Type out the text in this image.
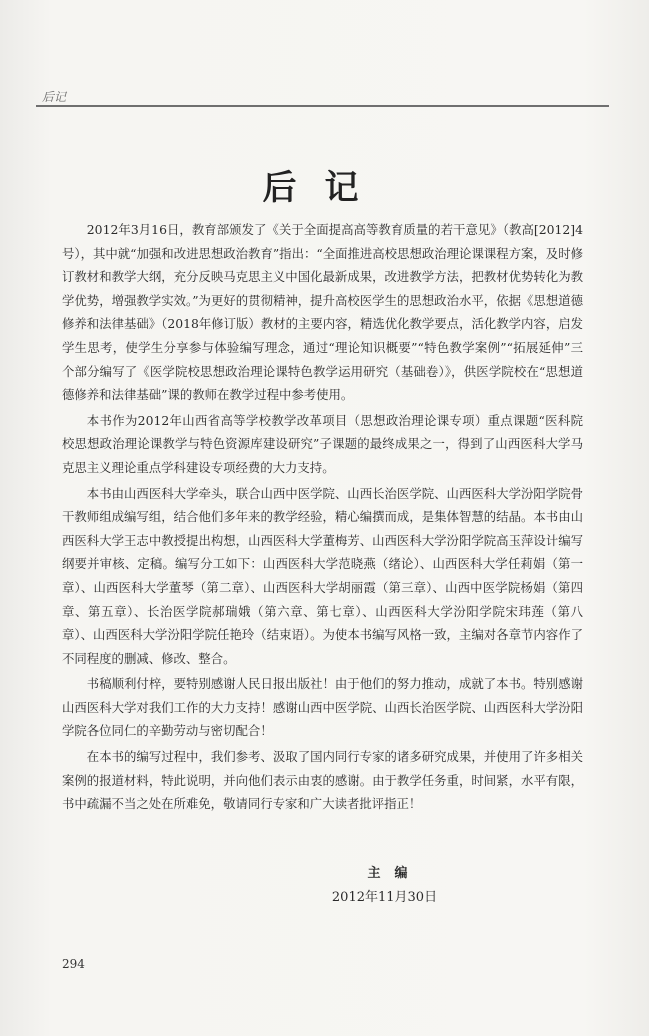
后记
后记

2012年3月16日，教育部颁发了《关于全面提高高等教育质量的若干意见》（教高[2012]4号），其中就“加强和改进思想政治教育”指出：“全面推进高校思想政治理论课课程方案，及时修订教材和教学大纲，充分反映马克思主义中国化最新成果，改进教学方法，把教材优势转化为教学优势，增强教学实效。”为更好的贯彻精神，提升高校医学生的思想政治水平，依据《思想道德修养和法律基础》（2018年修订版）教材的主要内容，精选优化教学要点，活化教学内容，启发学生思考，使学生分享参与体验编写理念，通过“理论知识概要”“特色教学案例”“拓展延伸”三个部分编写了《医学院校思想政治理论课特色教学运用研究（基础卷）》，供医学院校在“思想道德修养和法律基础”课的教师在教学过程中参考使用。

本书作为2012年山西省高等学校教学改革项目（思想政治理论课专项）重点课题“医科院校思想政治理论课教学与特色资源库建设研究”子课题的最终成果之一，得到了山西医科大学马克思主义理论重点学科建设专项经费的大力支持。

本书由山西医科大学牵头，联合山西中医学院、山西长治医学院、山西医科大学汾阳学院骨干教师组成编写组，结合他们多年来的教学经验，精心编撰而成，是集体智慧的结晶。本书由山西医科大学王志中教授提出构想，山西医科大学董梅芳、山西医科大学汾阳学院高玉萍设计编写纲要并审核、定稿。编写分工如下：山西医科大学范晓燕（绪论）、山西医科大学任莉娟（第一章）、山西医科大学董琴（第二章）、山西医科大学胡丽霞（第三章）、山西中医学院杨娟（第四章、第五章）、长治医学院郝瑞娥（第六章、第七章）、山西医科大学汾阳学院宋玮莲（第八章）、山西医科大学汾阳学院任艳玲（结束语）。为使本书编写风格一致，主编对各章节内容作了不同程度的删减、修改、整合。

书稿顺利付梓，要特别感谢人民日报出版社！由于他们的努力推动，成就了本书。特别感谢山西医科大学对我们工作的大力支持！感谢山西中医学院、山西长治医学院、山西医科大学汾阳学院各位同仁的辛勤劳动与密切配合！

在本书的编写过程中，我们参考、汲取了国内同行专家的诸多研究成果，并使用了许多相关案例的报道材料，特此说明，并向他们表示由衷的感谢。由于教学任务重，时间紧，水平有限，书中疏漏不当之处在所难免，敬请同行专家和广大读者批评指正！

主编
2012年11月30日
294
